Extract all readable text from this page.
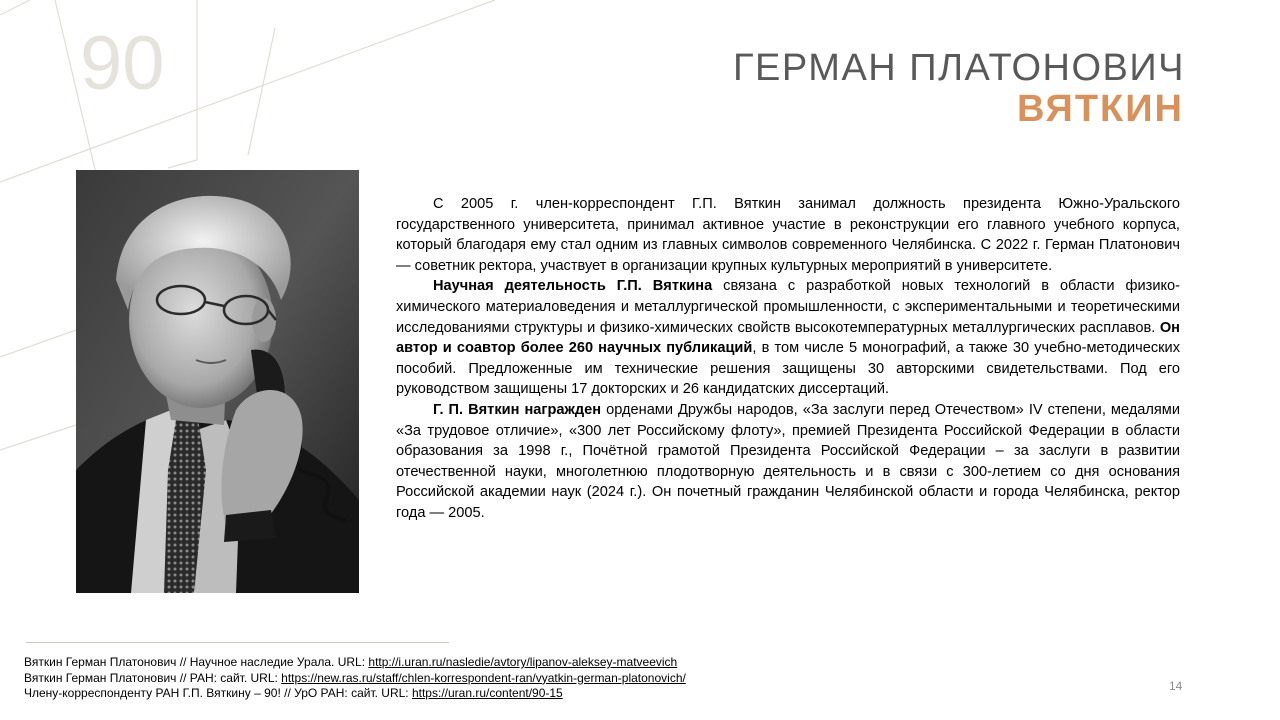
90	ГЕРМАН ПЛАТОНОВИЧ
ВЯТКИН

С 2005 г. член-корреспондент Г.П. Вяткин занимал должность президента Южно-Уральского государственного университета, принимал активное участие в реконструкции его главного учебного корпуса, который благодаря ему стал одним из главных символов современного Челябинска. С 2022 г. Герман Платонович — советник ректора, участвует в организации крупных культурных мероприятий в университете.

Научная деятельность Г.П. Вяткина связана с разработкой новых технологий в области физико-химического материаловедения и металлургической промышленности, с экспериментальными и теоретическими исследованиями структуры и физико-химических свойств высокотемпературных металлургических расплавов. Он автор и соавтор более 260 научных публикаций, в том числе 5 монографий, а также 30 учебно-методических пособий. Предложенные им технические решения защищены 30 авторскими свидетельствами. Под его руководством защищены 17 докторских и 26 кандидатских диссертаций.

Г. П. Вяткин награжден орденами Дружбы народов, «За заслуги перед Отечеством» IV степени, медалями «За трудовое отличие», «300 лет Российскому флоту», премией Президента Российской Федерации в области образования за 1998 г., Почётной грамотой Президента Российской Федерации – за заслуги в развитии отечественной науки, многолетнюю плодотворную деятельность и в связи с 300-летием со дня основания Российской академии наук (2024 г.). Он почетный гражданин Челябинской области и города Челябинска, ректор года — 2005.

Вяткин Герман Платонович // Научное наследие Урала. URL: http://i.uran.ru/nasledie/avtory/lipanov-aleksey-matveevich
Вяткин Герман Платонович // РАН: сайт. URL: https://new.ras.ru/staff/chlen-korrespondent-ran/vyatkin-german-platonovich/
Члену-корреспонденту РАН Г.П. Вяткину – 90! // УрО РАН: сайт. URL: https://uran.ru/content/90-15
14
